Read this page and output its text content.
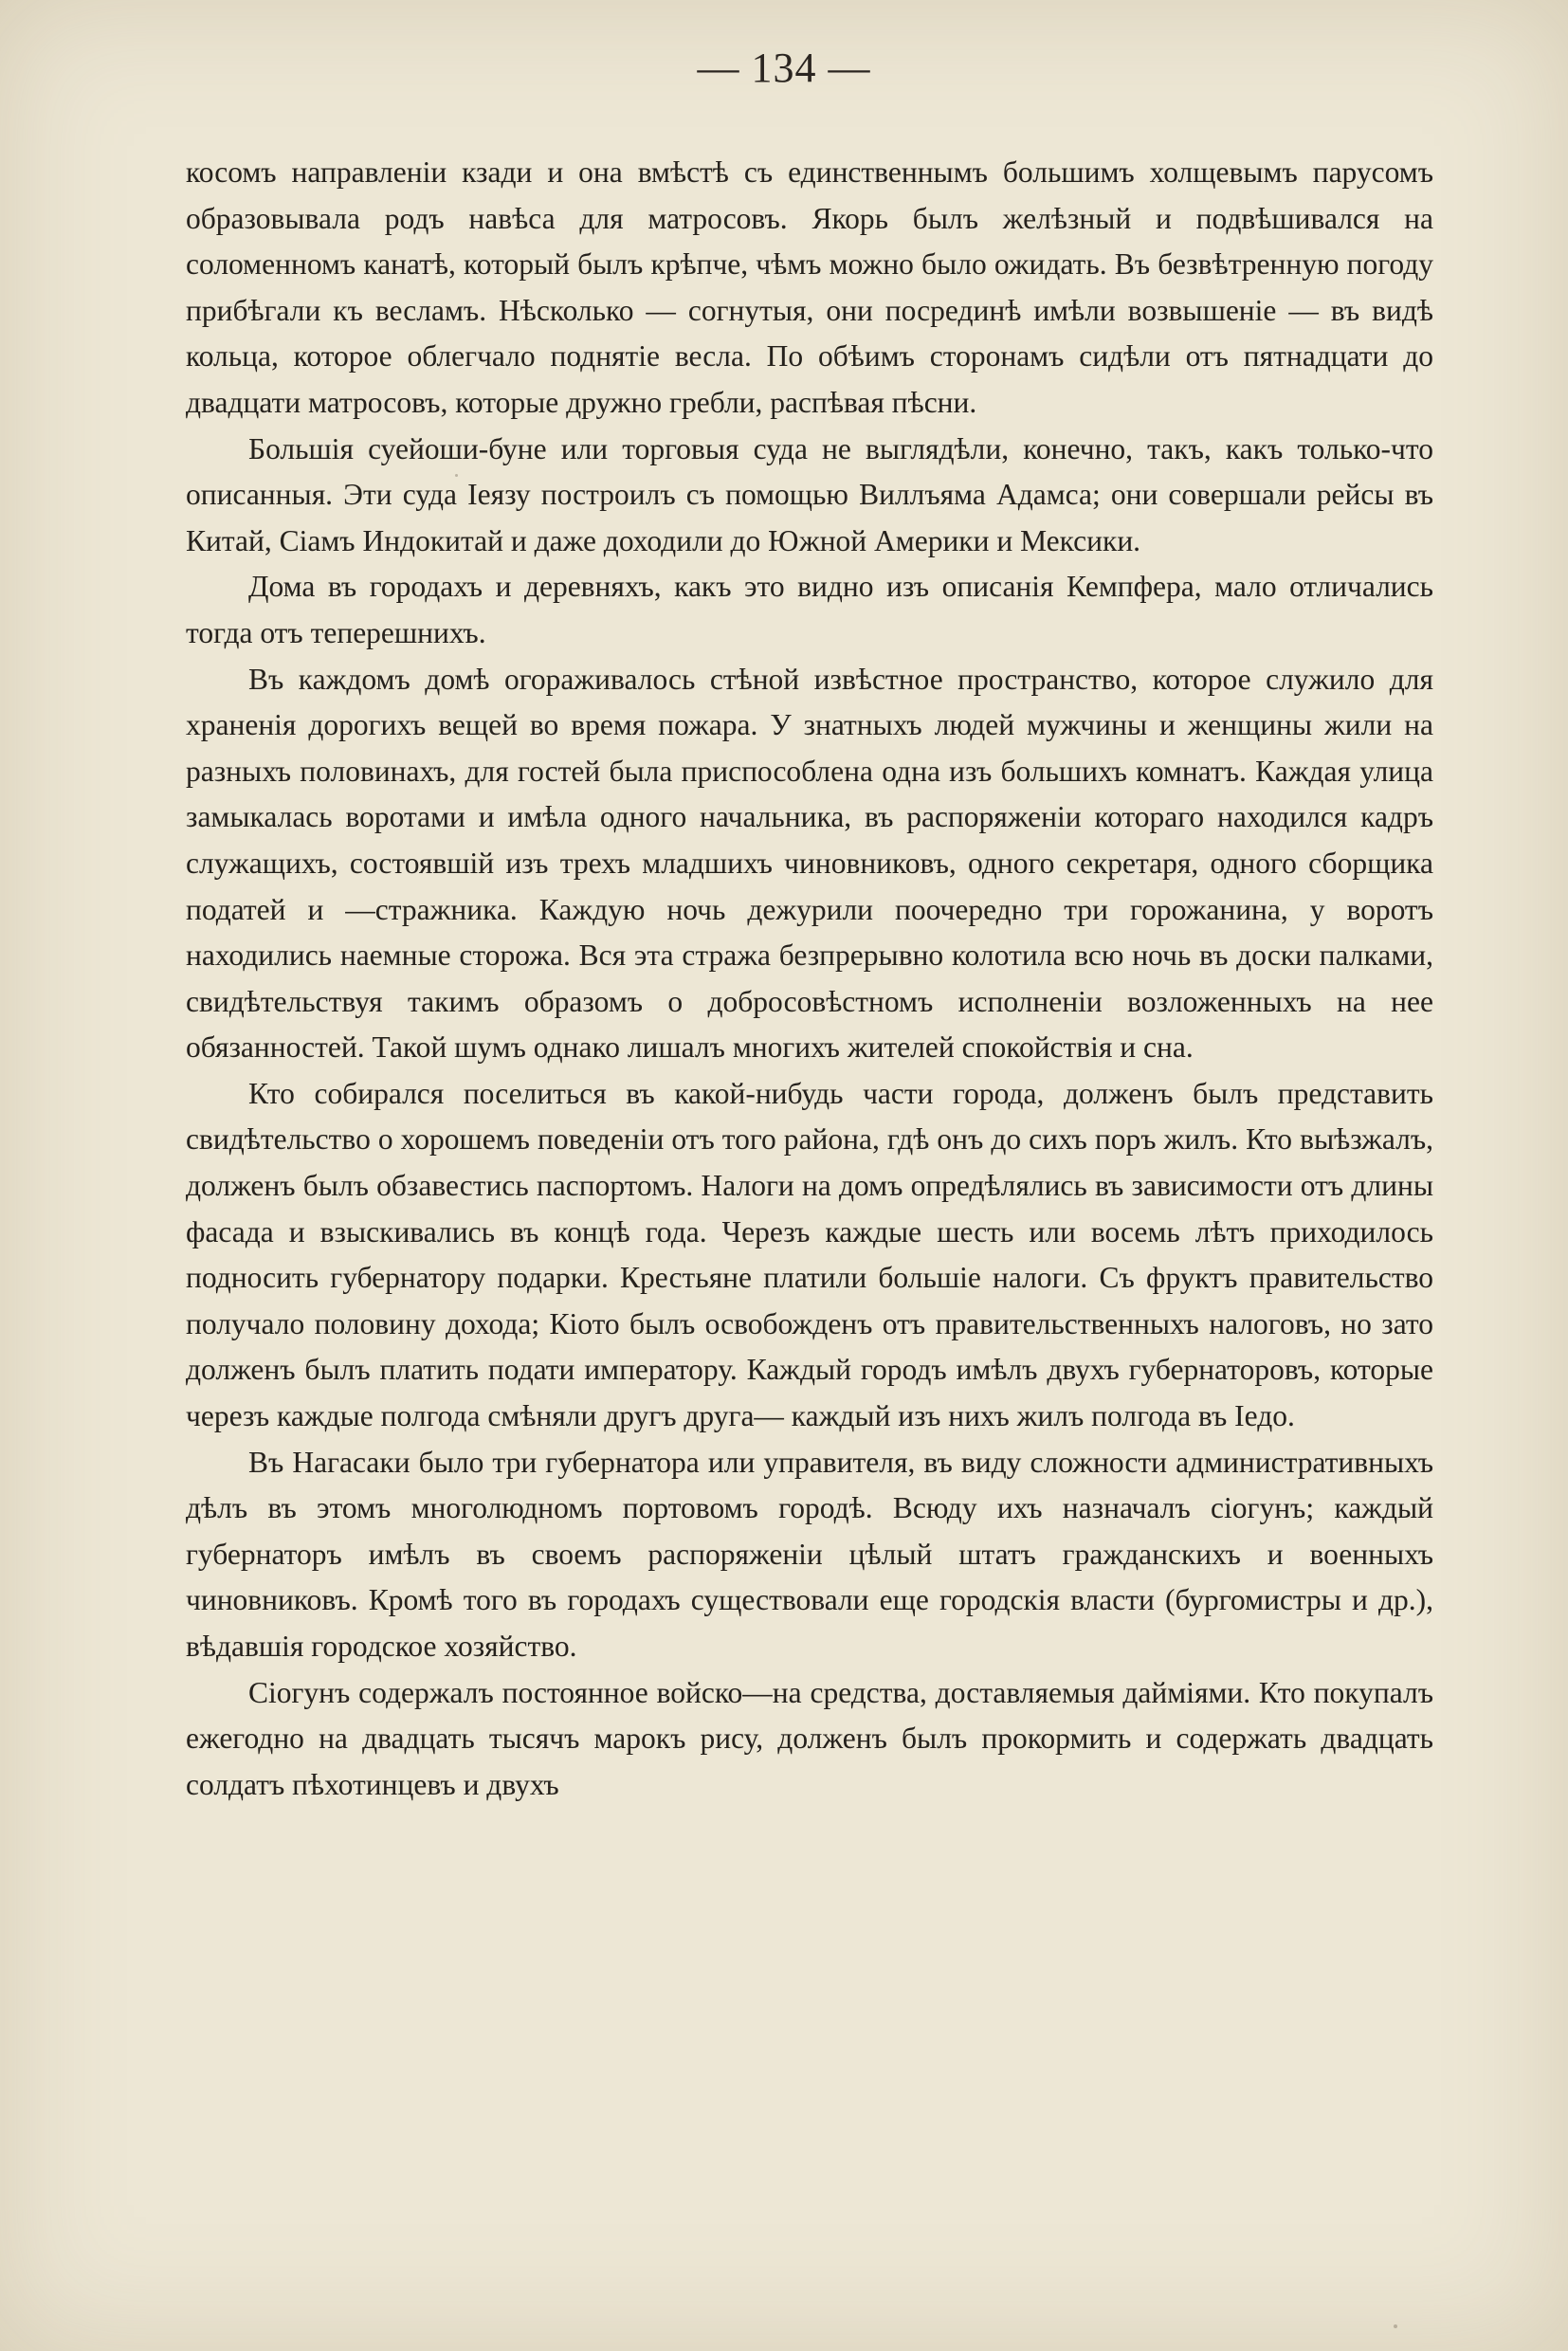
— 134 —

косомъ направленіи кзади и она вмѣстѣ съ единственнымъ большимъ холщевымъ парусомъ образовывала родъ навѣса для матросовъ. Якорь былъ желѣзный и подвѣшивался на соломенномъ канатѣ, который былъ крѣпче, чѣмъ можно было ожидать. Въ безвѣтренную погоду прибѣгали къ весламъ. Нѣсколько — согнутыя, они посрединѣ имѣли возвышеніе — въ видѣ кольца, которое облегчало поднятіе весла. По обѣимъ сторонамъ сидѣли отъ пятнадцати до двадцати матросовъ, которые дружно гребли, распѣвая пѣсни.

Большія суейоши-буне или торговыя суда не выглядѣли, конечно, такъ, какъ только-что описанныя. Эти суда Іеязу построилъ съ помощью Виллъяма Адамса; они совершали рейсы въ Китай, Сіамъ Индокитай и даже доходили до Южной Америки и Мексики.

Дома въ городахъ и деревняхъ, какъ это видно изъ описанія Кемпфера, мало отличались тогда отъ теперешнихъ.

Въ каждомъ домѣ огораживалось стѣной извѣстное пространство, которое служило для храненія дорогихъ вещей во время пожара. У знатныхъ людей мужчины и женщины жили на разныхъ половинахъ, для гостей была приспособлена одна изъ большихъ комнатъ. Каждая улица замыкалась воротами и имѣла одного начальника, въ распоряженіи котораго находился кадръ служащихъ, состоявшій изъ трехъ младшихъ чиновниковъ, одного секретаря, одного сборщика податей и —стражника. Каждую ночь дежурили поочередно три горожанина, у воротъ находились наемные сторожа. Вся эта стража безпрерывно колотила всю ночь въ доски палками, свидѣтельствуя такимъ образомъ о добросовѣстномъ исполненіи возложенныхъ на нее обязанностей. Такой шумъ однако лишалъ многихъ жителей спокойствія и сна.

Кто собирался поселиться въ какой-нибудь части города, долженъ былъ представить свидѣтельство о хорошемъ поведеніи отъ того района, гдѣ онъ до сихъ поръ жилъ. Кто выѣзжалъ, долженъ былъ обзавестись паспортомъ. Налоги на домъ опредѣлялись въ зависимости отъ длины фасада и взыскивались въ концѣ года. Черезъ каждые шесть или восемь лѣтъ приходилось подносить губернатору подарки. Крестьяне платили большіе налоги. Съ фруктъ правительство получало половину дохода; Кіото былъ освобожденъ отъ правительственныхъ налоговъ, но зато долженъ былъ платить подати императору. Каждый городъ имѣлъ двухъ губернаторовъ, которые черезъ каждые полгода смѣняли другъ друга— каждый изъ нихъ жилъ полгода въ Іедо.

Въ Нагасаки было три губернатора или управителя, въ виду сложности административныхъ дѣлъ въ этомъ многолюдномъ портовомъ городѣ. Всюду ихъ назначалъ сіогунъ; каждый губернаторъ имѣлъ въ своемъ распоряженіи цѣлый штатъ гражданскихъ и военныхъ чиновниковъ. Кромѣ того въ городахъ существовали еще городскія власти (бургомистры и др.), вѣдавшія городское хозяйство.

Сіогунъ содержалъ постоянное войско—на средства, доставляемыя даймiями. Кто покупалъ ежегодно на двадцать тысячъ марокъ рису, долженъ былъ прокормить и содержать двадцать солдатъ пѣхотинцевъ и двухъ
